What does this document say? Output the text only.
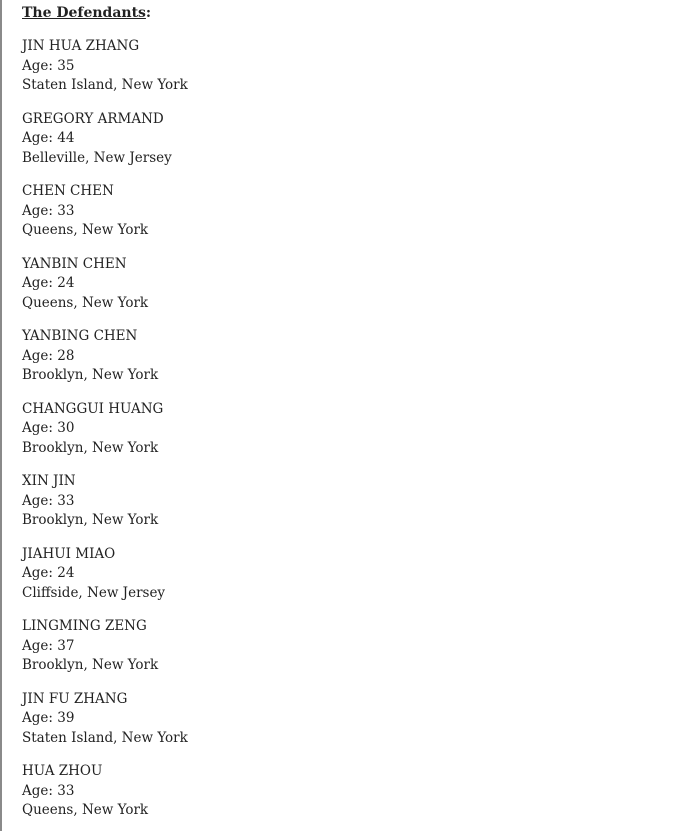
The Defendants:

JIN HUA ZHANG
Age: 35
Staten Island, New York
GREGORY ARMAND
Age: 44
Belleville, New Jersey
CHEN CHEN
Age: 33
Queens, New York
YANBIN CHEN
Age: 24
Queens, New York
YANBING CHEN
Age: 28
Brooklyn, New York
CHANGGUI HUANG
Age: 30
Brooklyn, New York
XIN JIN
Age: 33
Brooklyn, New York
JIAHUI MIAO
Age: 24
Cliffside, New Jersey
LINGMING ZENG
Age: 37
Brooklyn, New York
JIN FU ZHANG
Age: 39
Staten Island, New York
HUA ZHOU
Age: 33
Queens, New York
